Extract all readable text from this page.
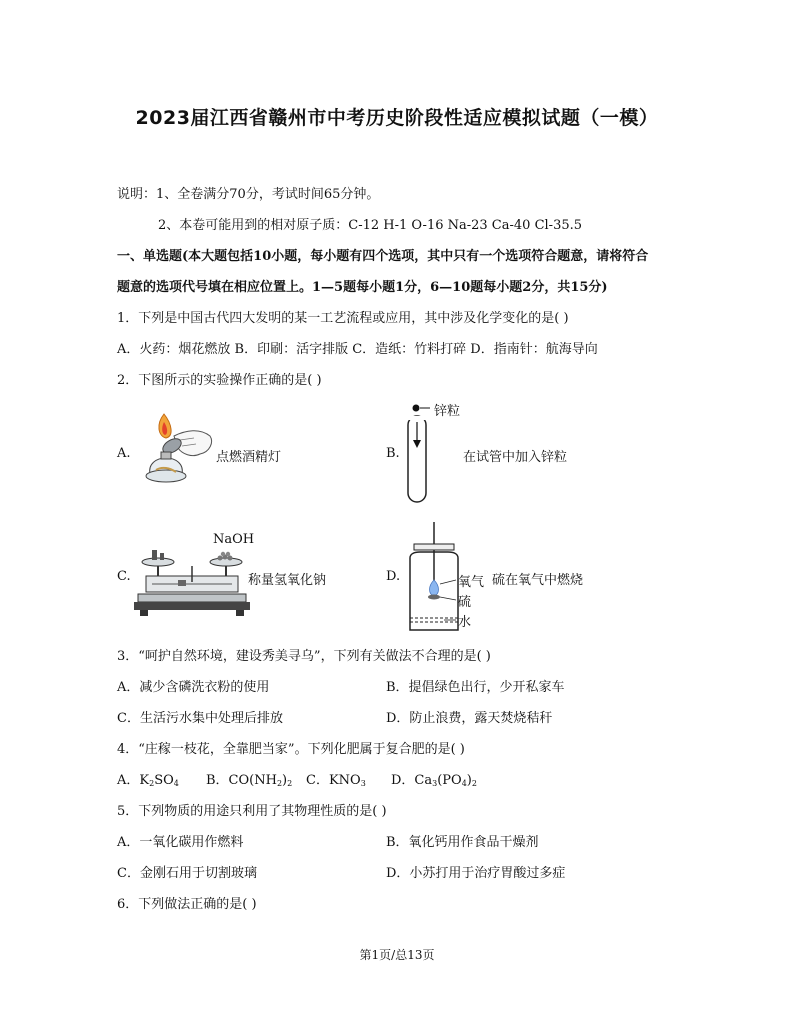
2023届江西省赣州市中考历史阶段性适应模拟试题（一模）
说明：1、全卷满分70分，考试时间65分钟。
2、本卷可能用到的相对原子质：C-12 H-1 O-16 Na-23 Ca-40 Cl-35.5
一、单选题(本大题包括10小题，每小题有四个选项，其中只有一个选项符合题意，请将符合
题意的选项代号填在相应位置上。1—5题每小题1分，6—10题每小题2分，共15分)
1．下列是中国古代四大发明的某一工艺流程或应用，其中涉及化学变化的是( )
A．火药：烟花燃放 B．印刷：活字排版 C．造纸：竹料打碎 D．指南针：航海导向
2．下图所示的实验操作正确的是( )
A.	点燃酒精灯	B.
锌粒
在试管中加入锌粒
C.
NaOH
称量氢氧化钠	D.	氧气
硫
水
硫在氧气中燃烧
3．“呵护自然环境，建设秀美寻乌”，下列有关做法不合理的是( )
A．减少含磷洗衣粉的使用	B．提倡绿色出行，少开私家车
C．生活污水集中处理后排放	D．防止浪费，露天焚烧秸秆
4．“庄稼一枝花，全靠肥当家”。下列化肥属于复合肥的是( )
A．$K_2SO_4$ B．$CO(NH_2)_2$ C．$KNO_3$ D．$Ca_3(PO_4)_2$
5．下列物质的用途只利用了其物理性质的是( )
A．一氧化碳用作燃料	B．氧化钙用作食品干燥剂
C．金刚石用于切割玻璃	D．小苏打用于治疗胃酸过多症
6．下列做法正确的是( )
第1页/总13页
